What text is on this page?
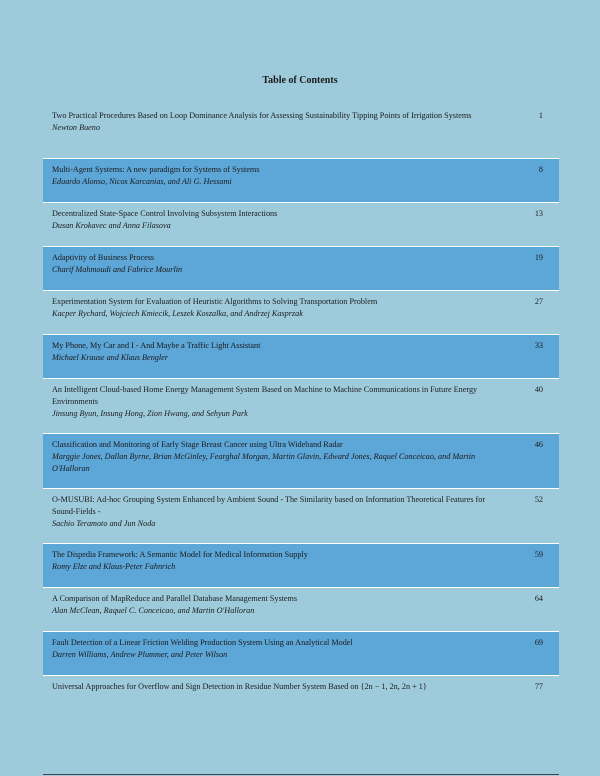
Table of Contents
Two Practical Procedures Based on Loop Dominance Analysis for Assessing Sustainability Tipping Points of Irrigation Systems
Newton Bueno
1
Multi-Agent Systems: A new paradigm for Systems of Systems
Eduardo Alonso, Nicos Karcanias, and Ali G. Hessami
8
Decentralized State-Space Control Involving Subsystem Interactions
Dusan Krokavec and Anna Filasova
13
Adaptivity of Business Process
Charif Mahmoudi and Fabrice Mourlin
19
Experimentation System for Evaluation of Heuristic Algorithms to Solving Transportation Problem
Kacper Rychard, Wojciech Kmiecik, Leszek Koszalka, and Andrzej Kasprzak
27
My Phone, My Car and I - And Maybe a Traffic Light Assistant
Michael Krause and Klaus Bengler
33
An Intelligent Cloud-based Home Energy Management System Based on Machine to Machine Communications in Future Energy Environments
Jinsung Byun, Insung Hong, Zion Hwang, and Sehyun Park
40
Classification and Monitoring of Early Stage Breast Cancer using Ultra Wideband Radar
Marggie Jones, Dallan Byrne, Brian McGinley, Fearghal Morgan, Martin Glavin, Edward Jones, Raquel Conceicao, and Martin O'Halloran
46
O-MUSUBI: Ad-hoc Grouping System Enhanced by Ambient Sound - The Similarity based on Information Theoretical Features for Sound-Fields -
Sachio Teramoto and Jun Noda
52
The Dispedia Framework: A Semantic Model for Medical Information Supply
Romy Elze and Klaus-Peter Fahnrich
59
A Comparison of MapReduce and Parallel Database Management Systems
Alan McClean, Raquel C. Conceicao, and Martin O'Halloran
64
Fault Detection of a Linear Friction Welding Production System Using an Analytical Model
Darren Williams, Andrew Plummer, and Peter Wilson
69
Universal Approaches for Overflow and Sign Detection in Residue Number System Based on {2n − 1, 2n, 2n + 1}	77
